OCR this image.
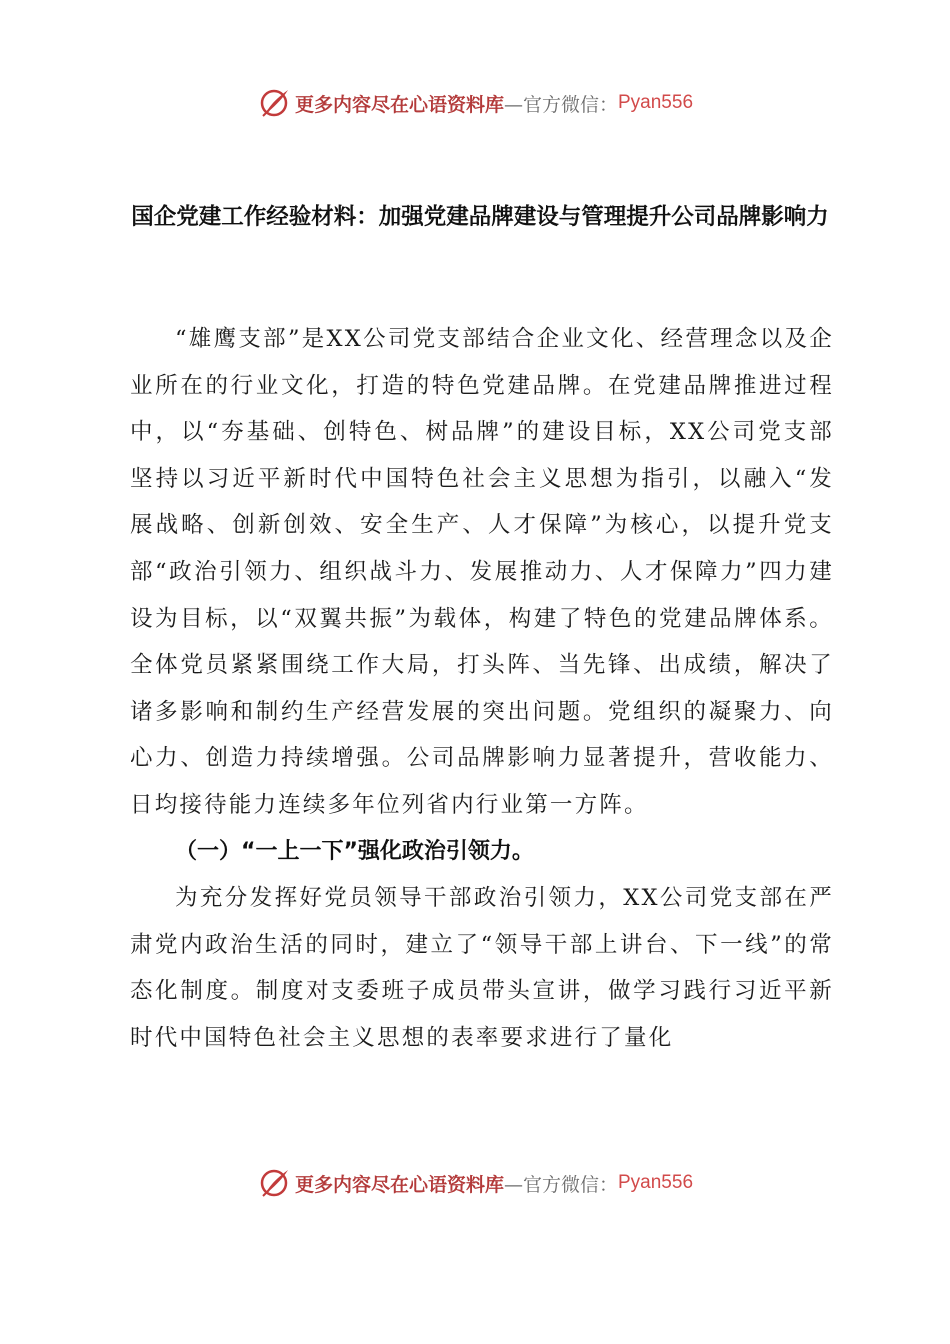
更多内容尽在心语资料库 —官方微信： Pyan556
国企党建工作经验材料：加强党建品牌建设与管理提升公司品牌影响力

“雄鹰支部”是XX公司党支部结合企业文化、经营理念以及企业所在的行业文化，打造的特色党建品牌。在党建品牌推进过程中，以“夯基础、创特色、树品牌”的建设目标，XX公司党支部坚持以习近平新时代中国特色社会主义思想为指引，以融入“发展战略、创新创效、安全生产、人才保障”为核心，以提升党支部“政治引领力、组织战斗力、发展推动力、人才保障力”四力建设为目标，以“双翼共振”为载体，构建了特色的党建品牌体系。全体党员紧紧围绕工作大局，打头阵、当先锋、出成绩，解决了诸多影响和制约生产经营发展的突出问题。党组织的凝聚力、向心力、创造力持续增强。公司品牌影响力显著提升，营收能力、日均接待能力连续多年位列省内行业第一方阵。

（一）“一上一下”强化政治引领力。

为充分发挥好党员领导干部政治引领力，XX公司党支部在严肃党内政治生活的同时，建立了“领导干部上讲台、下一线”的常态化制度。制度对支委班子成员带头宣讲，做学习践行习近平新时代中国特色社会主义思想的表率要求进行了量化

更多内容尽在心语资料库 —官方微信： Pyan556
